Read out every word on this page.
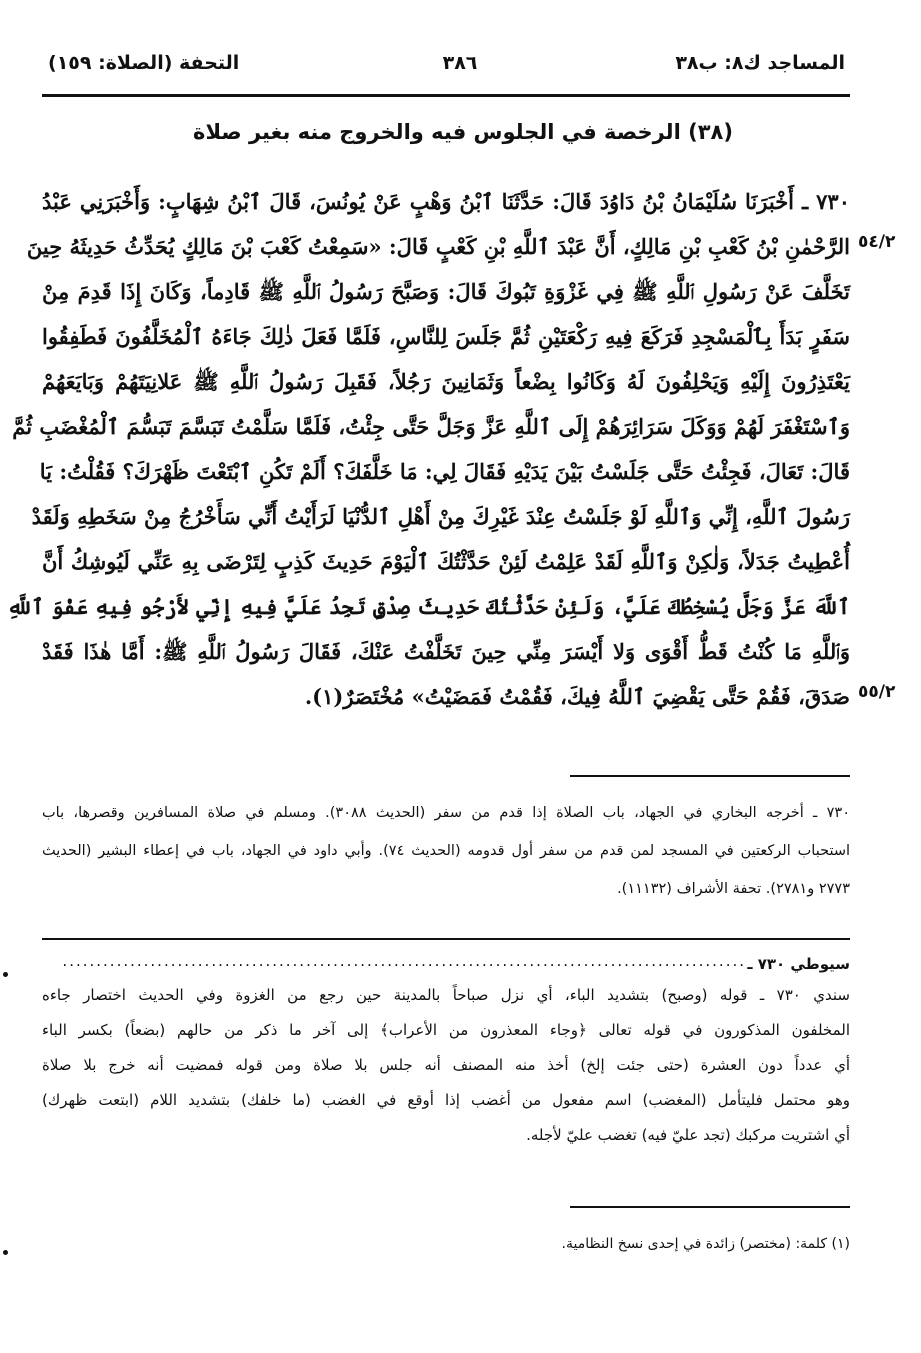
المساجد ك٨: ب٣٨
٣٨٦
التحفة (الصلاة: ١٥٩)
(٣٨) الرخصة في الجلوس فيه والخروج منه بغير صلاة
٧٣٠ ـ أَخْبَرَنَا سُلَيْمَانُ بْنُ دَاوُدَ قَالَ: حَدَّثَنَا ٱبْنُ وَهْبٍ عَنْ يُونُسَ، قَالَ ٱبْنُ شِهَابٍ: وَأَخْبَرَنِي عَبْدُ
الرَّحْمٰنِ بْنُ كَعْبِ بْنِ مَالِكٍ، أَنَّ عَبْدَ ٱللَّهِ بْنِ كَعْبٍ قَالَ: «سَمِعْتُ كَعْبَ بْنَ مَالِكٍ يُحَدِّثُ حَدِيثَهُ حِينَ
تَخَلَّفَ عَنْ رَسُولِ ٱللَّهِ ﷺ فِي غَزْوَةِ تَبُوكَ قَالَ: وَصَبَّحَ رَسُولُ ٱللَّهِ ﷺ قَادِماً، وَكَانَ إِذَا قَدِمَ مِنْ
سَفَرٍ بَدَأَ بِٱلْمَسْجِدِ فَرَكَعَ فِيهِ رَكْعَتَيْنِ ثُمَّ جَلَسَ لِلنَّاسِ، فَلَمَّا فَعَلَ ذٰلِكَ جَاءَهُ ٱلْمُخَلَّفُونَ فَطَفِقُوا
يَعْتَذِرُونَ إِلَيْهِ وَيَحْلِفُونَ لَهُ وَكَانُوا بِضْعاً وَثَمَانِينَ رَجُلاً، فَقَبِلَ رَسُولُ ٱللَّهِ ﷺ عَلانِيَتَهُمْ وَبَايَعَهُمْ
وَٱسْتَغْفَرَ لَهُمْ وَوَكَلَ سَرَائِرَهُمْ إِلَى ٱللَّهِ عَزَّ وَجَلَّ حَتَّى جِئْتُ، فَلَمَّا سَلَّمْتُ تَبَسَّمَ تَبَسُّمَ ٱلْمُغْضَبِ ثُمَّ
قَالَ: تَعَالَ، فَجِئْتُ حَتَّى جَلَسْتُ بَيْنَ يَدَيْهِ فَقَالَ لِي: مَا خَلَّفَكَ؟ أَلَمْ تَكُنِ ٱبْتَعْتَ ظَهْرَكَ؟ فَقُلْتُ: يَا
رَسُولَ ٱللَّهِ، إِنِّي وَٱللَّهِ لَوْ جَلَسْتُ عِنْدَ غَيْرِكَ مِنْ أَهْلِ ٱلدُّنْيَا لَرَأَيْتُ أَنِّي سَأَخْرُجُ مِنْ سَخَطِهِ وَلَقَدْ
أُعْطِيتُ جَدَلاً، وَلٰكِنْ وَٱللَّهِ لَقَدْ عَلِمْتُ لَئِنْ حَدَّثْتُكَ ٱلْيَوْمَ حَدِيثَ كَذِبٍ لِتَرْضَى بِهِ عَنِّي لَيُوشِكُ أَنَّ
ٱللَّهَ عَزَّ وَجَلَّ يُسْخِطُكَ عَلَيَّ، وَلَئِنْ حَدَّثْتُكَ حَدِيثَ صِدْقٍ تَجِدُ عَلَيَّ فِيهِ إِنِّي لأَرْجُو فِيهِ عَفْوَ ٱللَّهِ
وَٱللَّهِ مَا كُنْتُ قَطُّ أَقْوَى وَلا أَيْسَرَ مِنِّي حِينَ تَخَلَّفْتُ عَنْكَ، فَقَالَ رَسُولُ ٱللَّهِ ﷺ: أَمَّا هٰذَا فَقَدْ
صَدَقَ، فَقُمْ حَتَّى يَقْضِيَ ٱللَّهُ فِيكَ، فَقُمْتُ فَمَضَيْتُ» مُخْتَصَرٌ(١).
٥٤/٢
٥٥/٢
٧٣٠ ـ أخرجه البخاري في الجهاد، باب الصلاة إذا قدم من سفر (الحديث ٣٠٨٨). ومسلم في صلاة المسافرين وقصرها، باب
استحباب الركعتين في المسجد لمن قدم من سفر أول قدومه (الحديث ٧٤). وأبي داود في الجهاد، باب في إعطاء البشير (الحديث
٢٧٧٣ و٢٧٨١). تحفة الأشراف (١١١٣٢).
سيوطي ٧٣٠ ـ
.....................................................................................................
سندي ٧٣٠ ـ قوله (وصبح) بتشديد الباء، أي نزل صباحاً بالمدينة حين رجع من الغزوة وفي الحديث اختصار جاءه
المخلفون المذكورون في قوله تعالى ﴿وجاء المعذرون من الأعراب﴾ إلى آخر ما ذكر من حالهم (بضعاً) بكسر الباء
أي عدداً دون العشرة (حتى جئت إلخ) أخذ منه المصنف أنه جلس بلا صلاة ومن قوله فمضيت أنه خرج بلا صلاة
وهو محتمل فليتأمل (المغضب) اسم مفعول من أغضب إذا أوقع في الغضب (ما خلفك) بتشديد اللام (ابتعت ظهرك)
أي اشتريت مركبك (تجد عليّ فيه) تغضب عليّ لأجله.
(١) كلمة: (مختصر) زائدة في إحدى نسخ النظامية.
